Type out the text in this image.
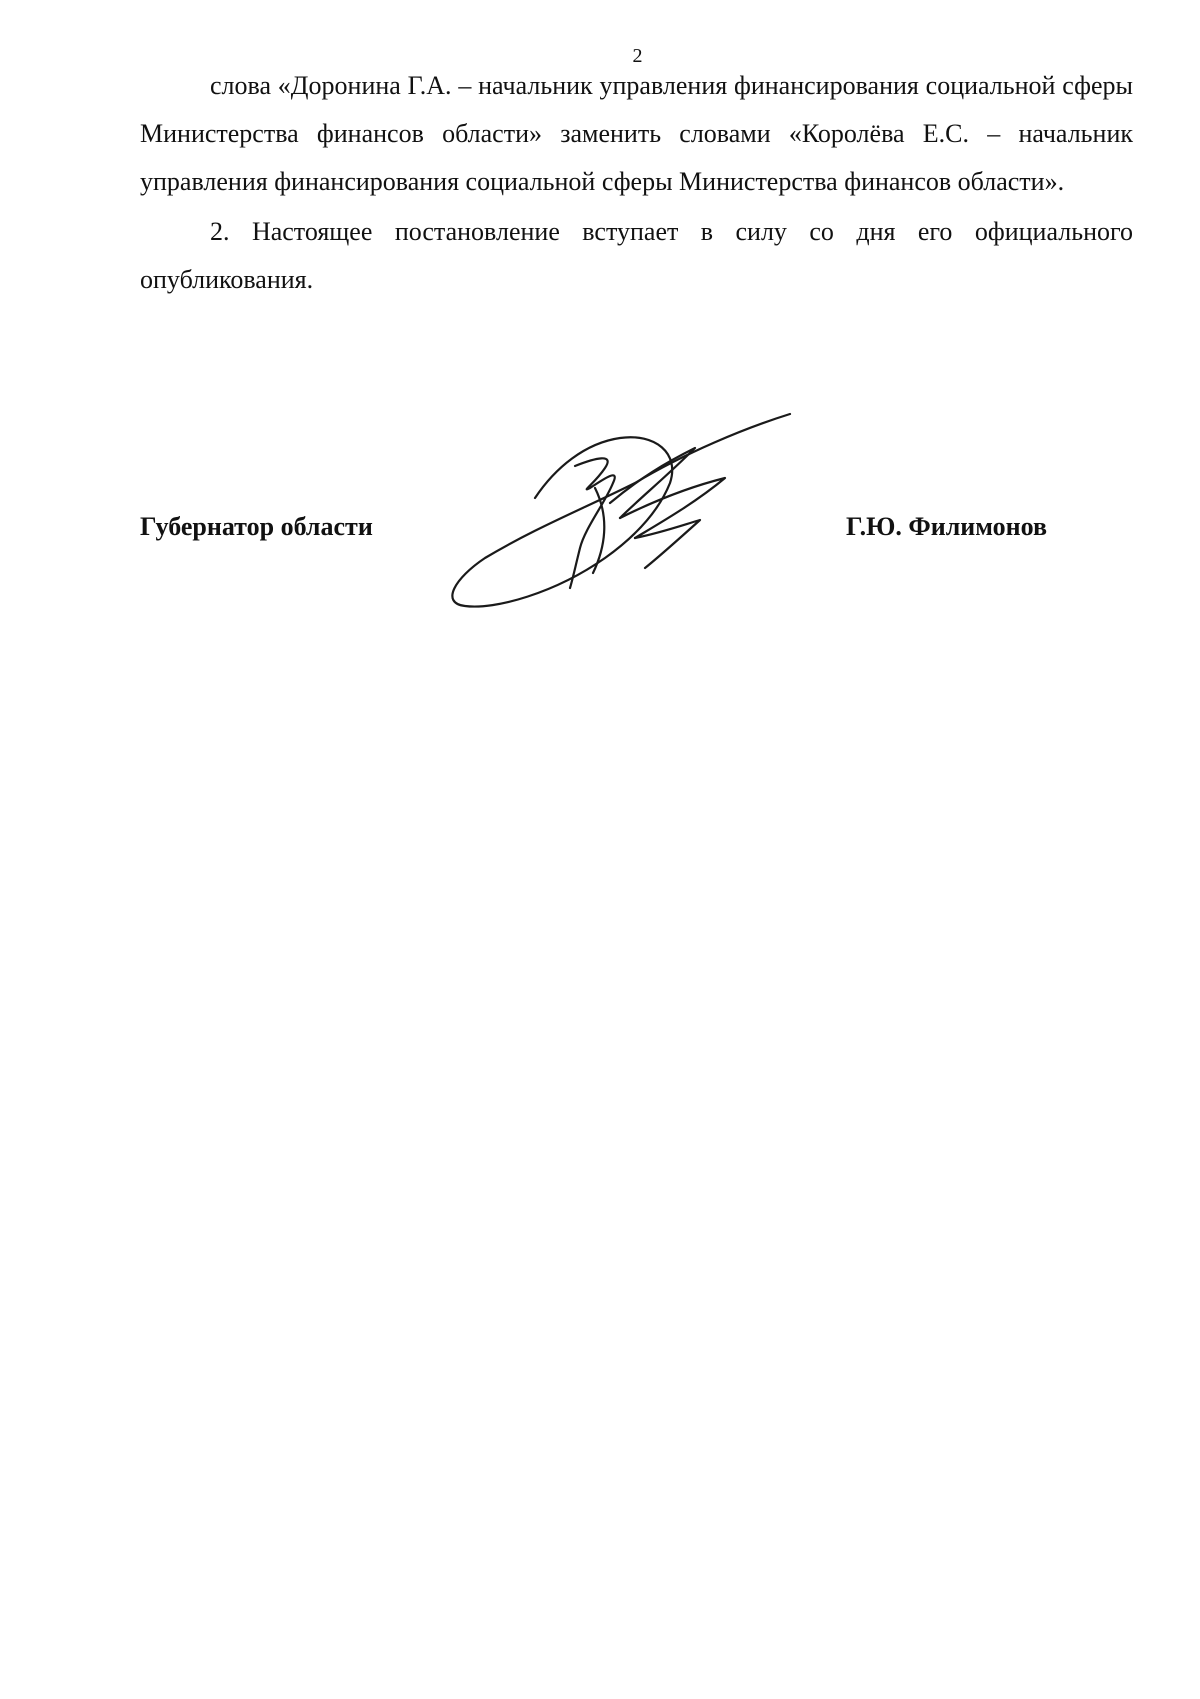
2

слова «Доронина Г.А. – начальник управления финансирования социальной сферы Министерства финансов области» заменить словами «Королёва Е.С. – начальник управления финансирования социальной сферы Министерства финансов области».

2. Настоящее постановление вступает в силу со дня его официального опубликования.

Губернатор области	Г.Ю. Филимонов
